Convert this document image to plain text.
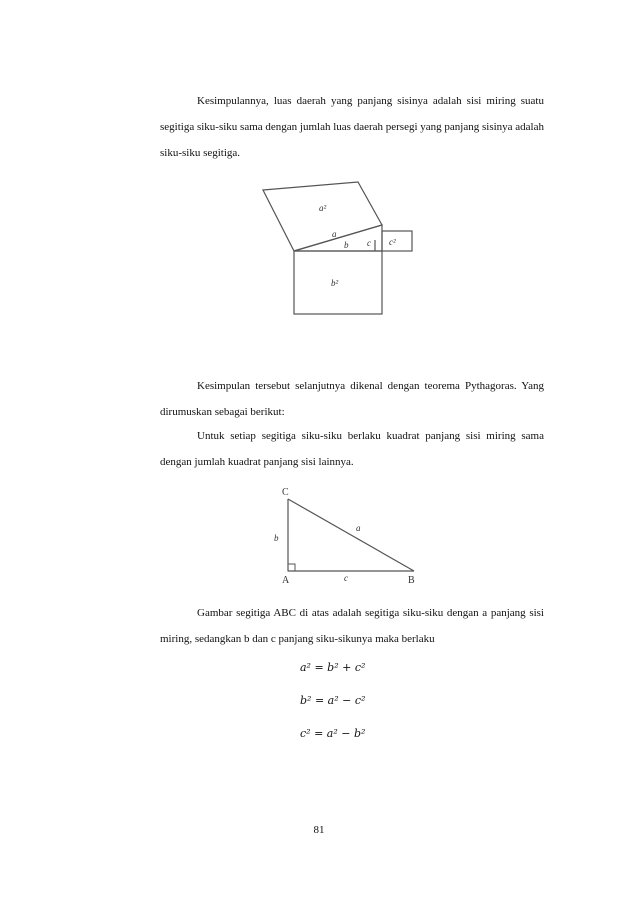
Kesimpulannya, luas daerah yang panjang sisinya adalah sisi miring suatu segitiga siku-siku sama dengan jumlah luas daerah persegi yang panjang sisinya adalah siku-siku segitiga.

a²
a
b c c²
b²

Kesimpulan tersebut selanjutnya dikenal dengan teorema Pythagoras. Yang dirumuskan sebagai berikut:

Untuk setiap segitiga siku-siku berlaku kuadrat panjang sisi miring sama dengan jumlah kuadrat panjang sisi lainnya.

C
A	B
a
b
c

Gambar segitiga ABC di atas adalah segitiga siku-siku dengan a panjang sisi miring, sedangkan b dan c panjang siku-sikunya maka berlaku

a² = b² + c²
b² = a² − c²
c² = a² − b²
81
